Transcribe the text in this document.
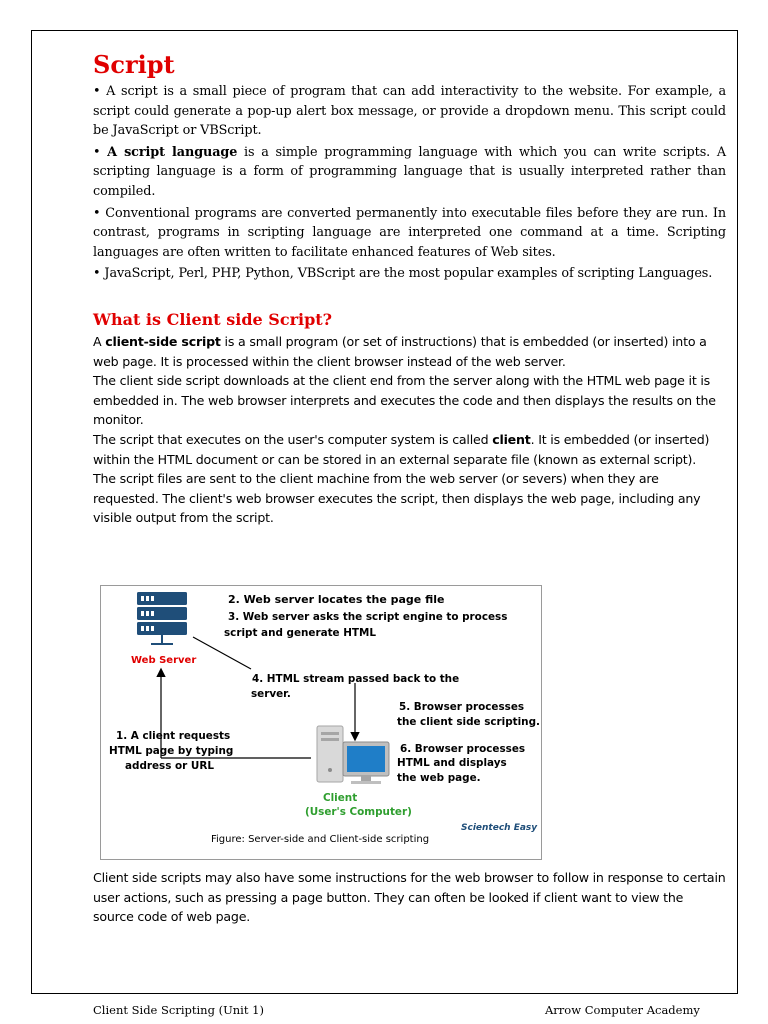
Script

• A script is a small piece of program that can add interactivity to the website. For example, a script could generate a pop-up alert box message, or provide a dropdown menu. This script could be JavaScript or VBScript.

• A script language is a simple programming language with which you can write scripts. A scripting language is a form of programming language that is usually interpreted rather than compiled.

• Conventional programs are converted permanently into executable files before they are run. In contrast, programs in scripting language are interpreted one command at a time. Scripting languages are often written to facilitate enhanced features of Web sites.

• JavaScript, Perl, PHP, Python, VBScript are the most popular examples of scripting Languages.

What is Client side Script?

A client-side script is a small program (or set of instructions) that is embedded (or inserted) into a web page. It is processed within the client browser instead of the web server.

The client side script downloads at the client end from the server along with the HTML web page it is embedded in. The web browser interprets and executes the code and then displays the results on the monitor.

The script that executes on the user's computer system is called client. It is embedded (or inserted) within the HTML document or can be stored in an external separate file (known as external script).

The script files are sent to the client machine from the web server (or severs) when they are requested. The client's web browser executes the script, then displays the web page, including any visible output from the script.

Web Server
2. Web server locates the page file
3. Web server asks the script engine to process
script and generate HTML
4. HTML stream passed back to the
server.
5. Browser processes
the client side scripting.
1. A client requests
HTML page by typing
address or URL
6. Browser processes
HTML and displays
the web page.
Client
(User's Computer)
Scientech Easy
Figure: Server-side and Client-side scripting

Client side scripts may also have some instructions for the web browser to follow in response to certain user actions, such as pressing a page button. They can often be looked if client want to view the source code of web page.

Client Side Scripting (Unit 1)	Arrow Computer Academy
